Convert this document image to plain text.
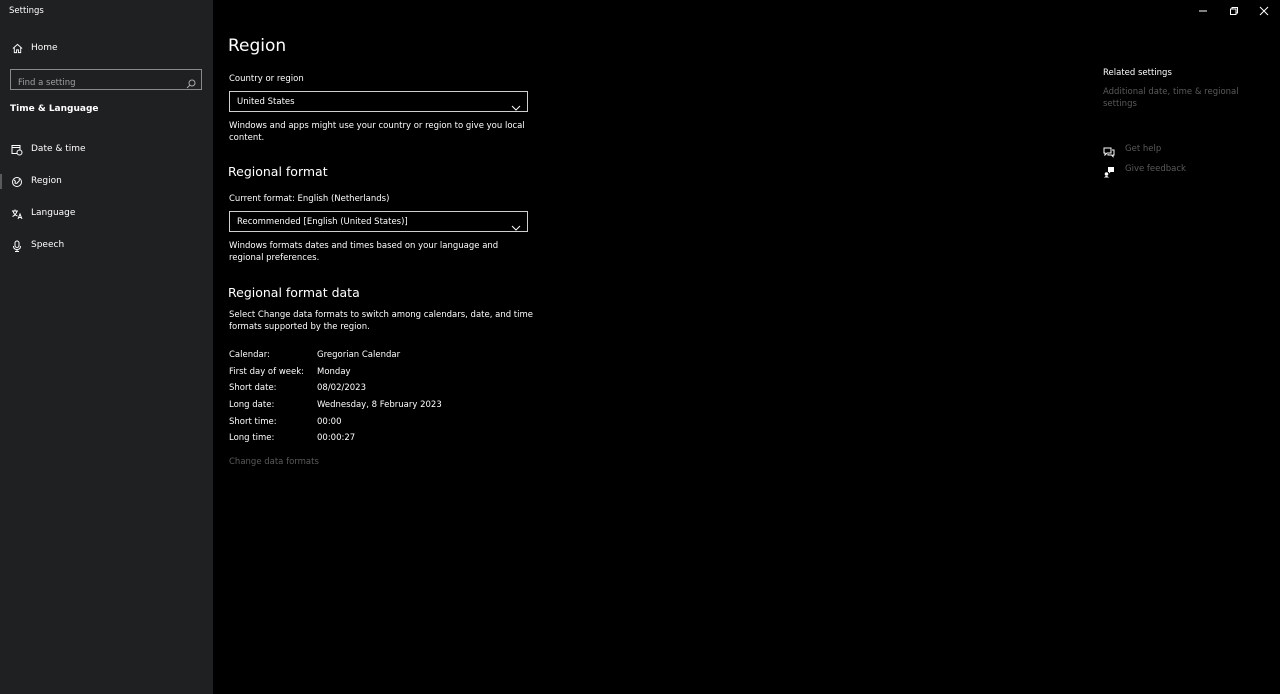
Settings
Home
Find a setting
Time & Language
Date & time
Region
Language
Speech
Region
Country or region
United States
Windows and apps might use your country or region to give you local content.
Regional format
Current format: English (Netherlands)
Recommended [English (United States)]
Windows formats dates and times based on your language and regional preferences.
Regional format data
Select Change data formats to switch among calendars, date, and time formats supported by the region.
Calendar:	Gregorian Calendar
First day of week: Monday
Short date:	08/02/2023
Long date:	Wednesday, 8 February 2023
Short time:	00:00
Long time:	00:00:27
Change data formats
Related settings
Additional date, time & regional settings
Get help
Give feedback
